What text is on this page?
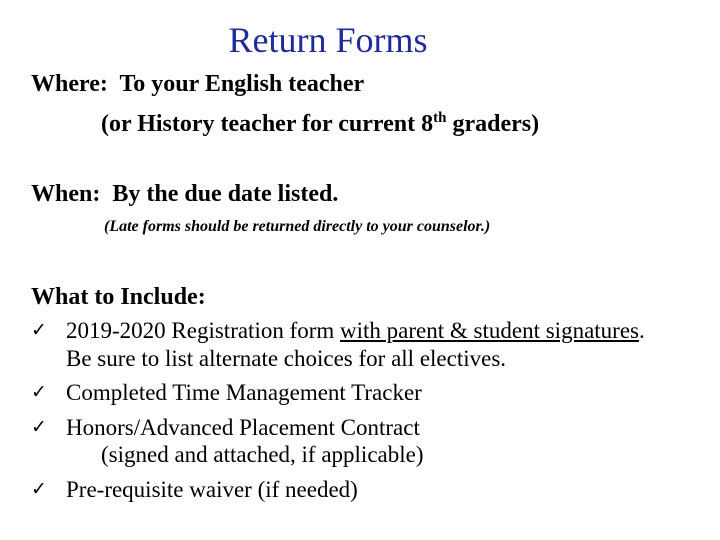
Return Forms
Where: To your English teacher
(or History teacher for current 8th graders)
When: By the due date listed.
(Late forms should be returned directly to your counselor.)
What to Include:
✓ 2019-2020 Registration form with parent & student signatures. Be sure to list alternate choices for all electives.
✓ Completed Time Management Tracker
✓ Honors/Advanced Placement Contract
(signed and attached, if applicable)
✓ Pre-requisite waiver (if needed)
